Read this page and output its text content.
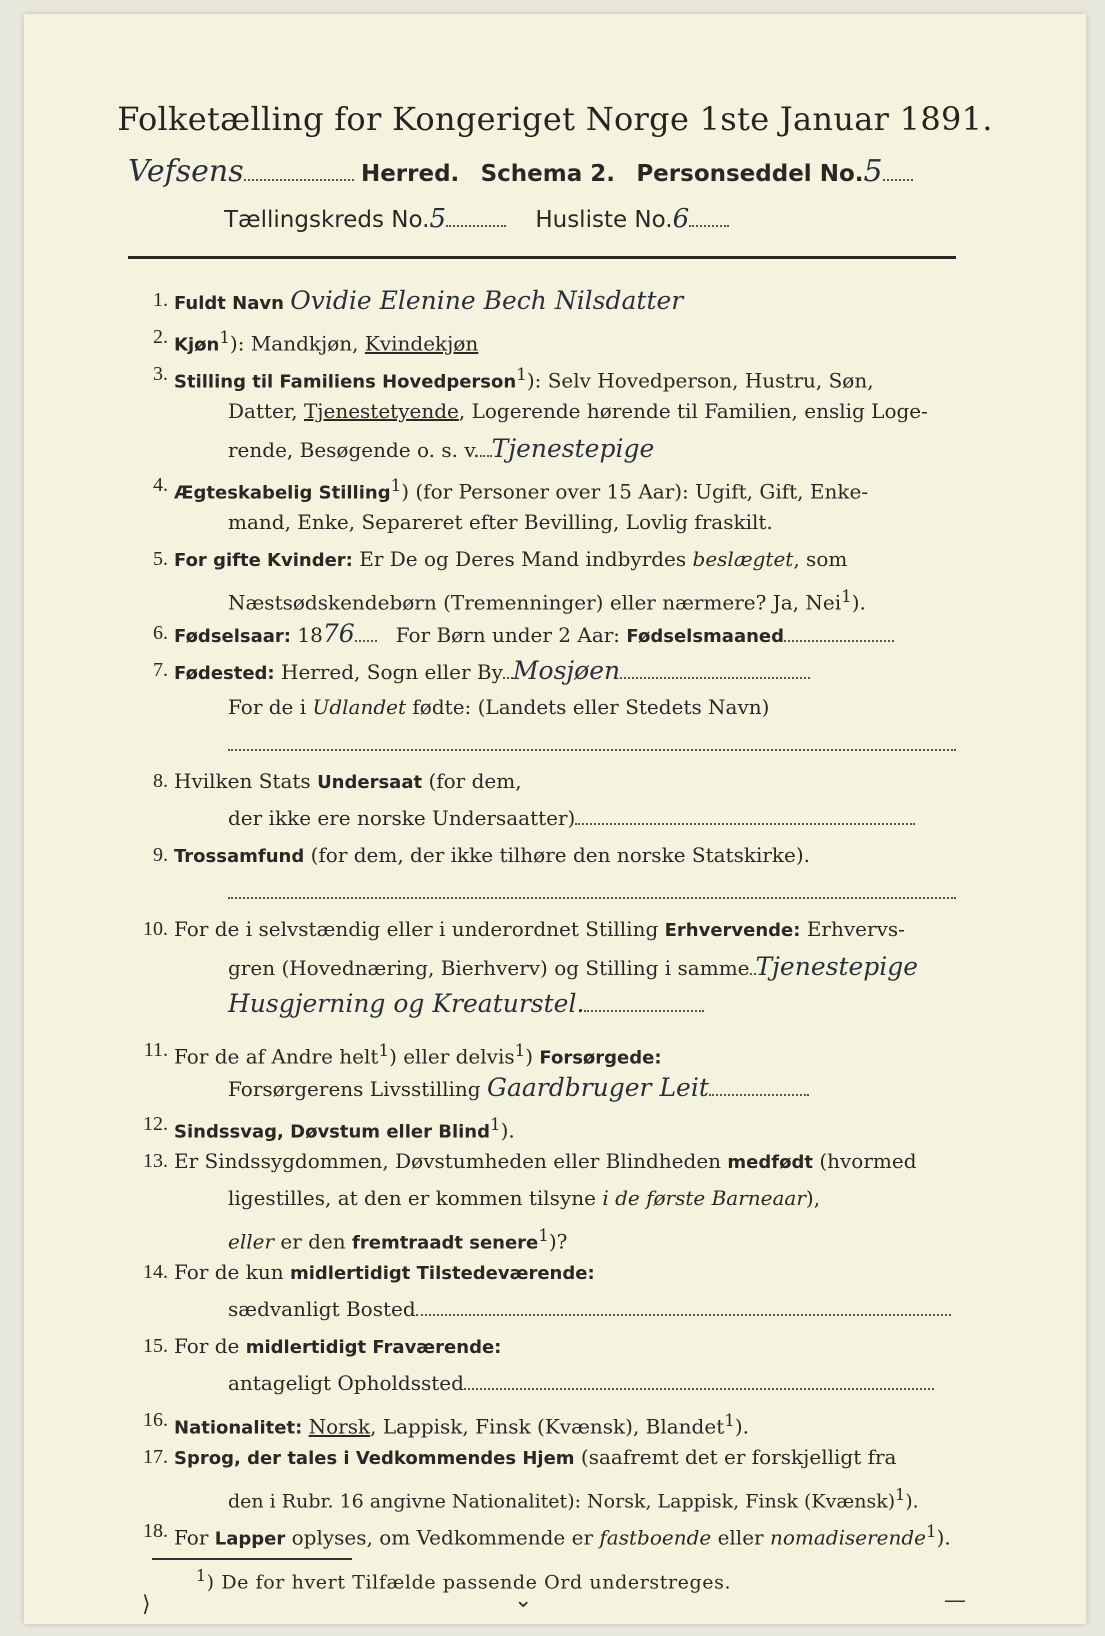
Folketælling for Kongeriget Norge 1ste Januar 1891.
Vefsens	Herred. Schema 2. Personseddel No.5
Tællingskreds No.5	Husliste No.6
1. Fuldt Navn Ovidie Elenine Bech Nilsdatter
2. Kjøn$^1$): Mandkjøn, Kvindekjøn
3. Stilling til Familiens Hovedperson$^1$): Selv Hovedperson, Hustru, Søn,
Datter, Tjenestetyende, Logerende hørende til Familien, enslig Loge-
rende, Besøgende o. s. v. Tjenestepige
4. Ægteskabelig Stilling$^1$) (for Personer over 15 Aar): Ugift, Gift, Enke-
mand, Enke, Separeret efter Bevilling, Lovlig fraskilt.
5. For gifte Kvinder: Er De og Deres Mand indbyrdes beslægtet, som
Næstsødskendebørn (Tremenninger) eller nærmere? Ja, Nei$^1$).
6. Fødselsaar: 1876 For Børn under 2 Aar: Fødselsmaaned
7. Fødested: Herred, Sogn eller By Mosjøen
For de i Udlandet fødte: (Landets eller Stedets Navn)
8. Hvilken Stats Undersaat (for dem,
der ikke ere norske Undersaatter)
9. Trossamfund (for dem, der ikke tilhøre den norske Statskirke).
10. For de i selvstændig eller i underordnet Stilling Erhvervende: Erhvervs-
gren (Hovednæring, Bierhverv) og Stilling i samme Tjenestepige
Husgjerning og Kreaturstel.
11. For de af Andre helt$^1$) eller delvis$^1$) Forsørgede:
Forsørgerens Livsstilling Gaardbruger Leit
12. Sindssvag, Døvstum eller Blind$^1$).
13. Er Sindssygdommen, Døvstumheden eller Blindheden medfødt (hvormed
ligestilles, at den er kommen tilsyne i de første Barneaar),
eller er den fremtraadt senere$^1$)?
14. For de kun midlertidigt Tilstedeværende:
sædvanligt Bosted
15. For de midlertidigt Fraværende:
antageligt Opholdssted
16. Nationalitet: Norsk, Lappisk, Finsk (Kvænsk), Blandet$^1$).
17. Sprog, der tales i Vedkommendes Hjem (saafremt det er forskjelligt fra
den i Rubr. 16 angivne Nationalitet): Norsk, Lappisk, Finsk (Kvænsk)$^1$).
18. For Lapper oplyses, om Vedkommende er fastboende eller nomadiserende$^1$).
$^1$) De for hvert Tilfælde passende Ord understreges.
⟩	⌄	—
